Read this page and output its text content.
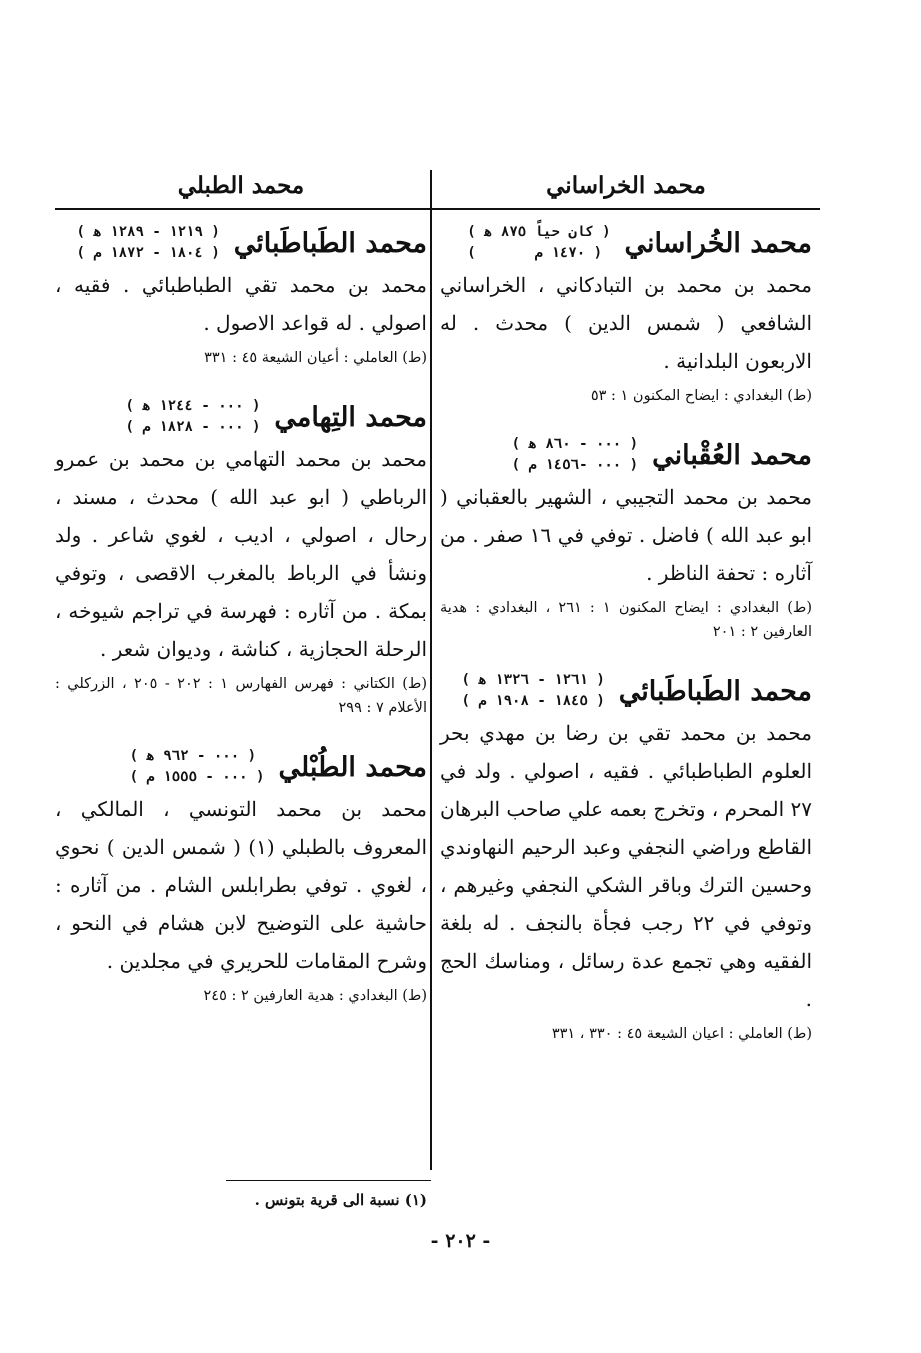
محمد الخراساني
محمد الخُراساني
( كان حياً ٨٧٥ ﻫ )
(       ١٤٧٠ م )
محمد بن محمد بن التبادكاني ، الخراساني الشافعي ( شمس الدين ) محدث . له الاربعون البلدانية .
(ط) البغدادي : ايضاح المكنون ١ : ٥٣
محمد العُقْباني
( ٠٠٠ - ٨٦٠ ﻫ )
( ٠٠٠ -١٤٥٦ م )
محمد بن محمد التجيبي ، الشهير بالعقباني ( ابو عبد الله ) فاضل . توفي في ١٦ صفر . من آثاره : تحفة الناظر .
(ط) البغدادي : ايضاح المكنون ١ : ٢٦١ ، البغدادي : هدية العارفين ٢ : ٢٠١
محمد الطَباطَبائي
( ١٢٦١ - ١٣٢٦ ﻫ )
( ١٨٤٥ - ١٩٠٨ م )
محمد بن محمد تقي بن رضا بن مهدي بحر العلوم الطباطبائي . فقيه ، اصولي . ولد في ٢٧ المحرم ، وتخرج بعمه علي صاحب البرهان القاطع وراضي النجفي وعبد الرحيم النهاوندي وحسين الترك وباقر الشكي النجفي وغيرهم ، وتوفي في ٢٢ رجب فجأة بالنجف . له بلغة الفقيه وهي تجمع عدة رسائل ، ومناسك الحج .
(ط) العاملي : اعيان الشيعة ٤٥ : ٣٣٠ ، ٣٣١
محمد الطبلي
محمد الطَباطَبائي
( ١٢١٩ - ١٢٨٩ ﻫ )
( ١٨٠٤ - ١٨٧٢ م )
محمد بن محمد تقي الطباطبائي . فقيه ، اصولي . له قواعد الاصول .
(ط) العاملي : أعيان الشيعة ٤٥ : ٣٣١
محمد التِهامي
( ٠٠٠ - ١٢٤٤ ﻫ )
( ٠٠٠ - ١٨٢٨ م )
محمد بن محمد التهامي بن محمد بن عمرو الرباطي ( ابو عبد الله ) محدث ، مسند ، رحال ، اصولي ، اديب ، لغوي شاعر . ولد ونشأ في الرباط بالمغرب الاقصى ، وتوفي بمكة . من آثاره : فهرسة في تراجم شيوخه ، الرحلة الحجازية ، كناشة ، وديوان شعر .
(ط) الكتاني : فهرس الفهارس ١ : ٢٠٢ - ٢٠٥ ، الزركلي : الأعلام ٧ : ٢٩٩
محمد الطُبْلي
( ٠٠٠ - ٩٦٢ ﻫ )
( ٠٠٠ - ١٥٥٥ م )
محمد بن محمد التونسي ، المالكي ، المعروف بالطبلي (١) ( شمس الدين ) نحوي ، لغوي . توفي بطرابلس الشام . من آثاره : حاشية على التوضيح لابن هشام في النحو ، وشرح المقامات للحريري في مجلدين .
(ط) البغدادي : هدية العارفين ٢ : ٢٤٥
(١) نسبة الى قرية بتونس .
- ٢٠٢ -
